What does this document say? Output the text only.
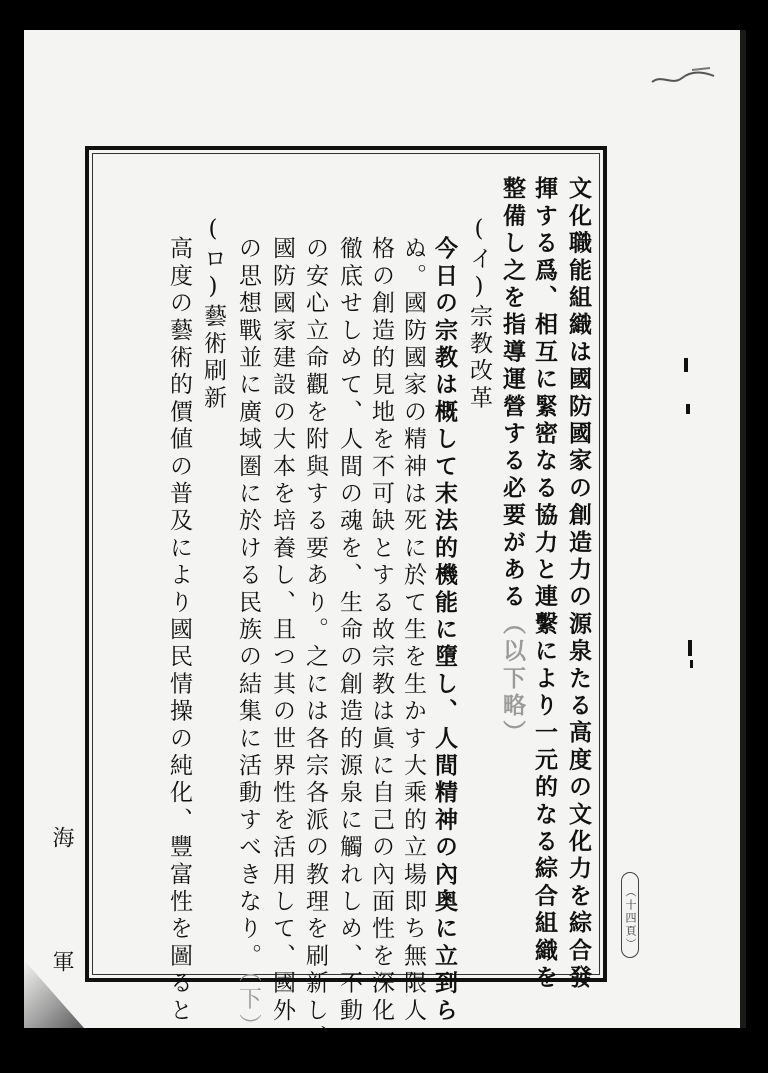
文化職能組織は國防國家の創造力の源泉たる高度の文化力を綜合發
揮する爲、相互に緊密なる協力と連繫により一元的なる綜合組織を
整備し之を指導運營する必要がある（以下略）
(イ)宗教改革
今日の宗教は概して末法的機能に墮し、人間精神の內奥に立到ら
ぬ。國防國家の精神は死に於て生を生かす大乘的立場即ち無限人
格の創造的見地を不可缺とする故宗教は眞に自己の內面性を深化
徹底せしめて、人間の魂を、生命の創造的源泉に觸れしめ、不動
の安心立命觀を附與する要あり。之には各宗各派の教理を刷新し、
國防國家建設の大本を培養し、且つ其の世界性を活用して、國外
の思想戰並に廣域圏に於ける民族の結集に活動すべきなり。（下）
(ロ)藝術刷新
高度の藝術的價値の普及により國民情操の純化、豐富性を圖ると
海　軍	（十四頁）
